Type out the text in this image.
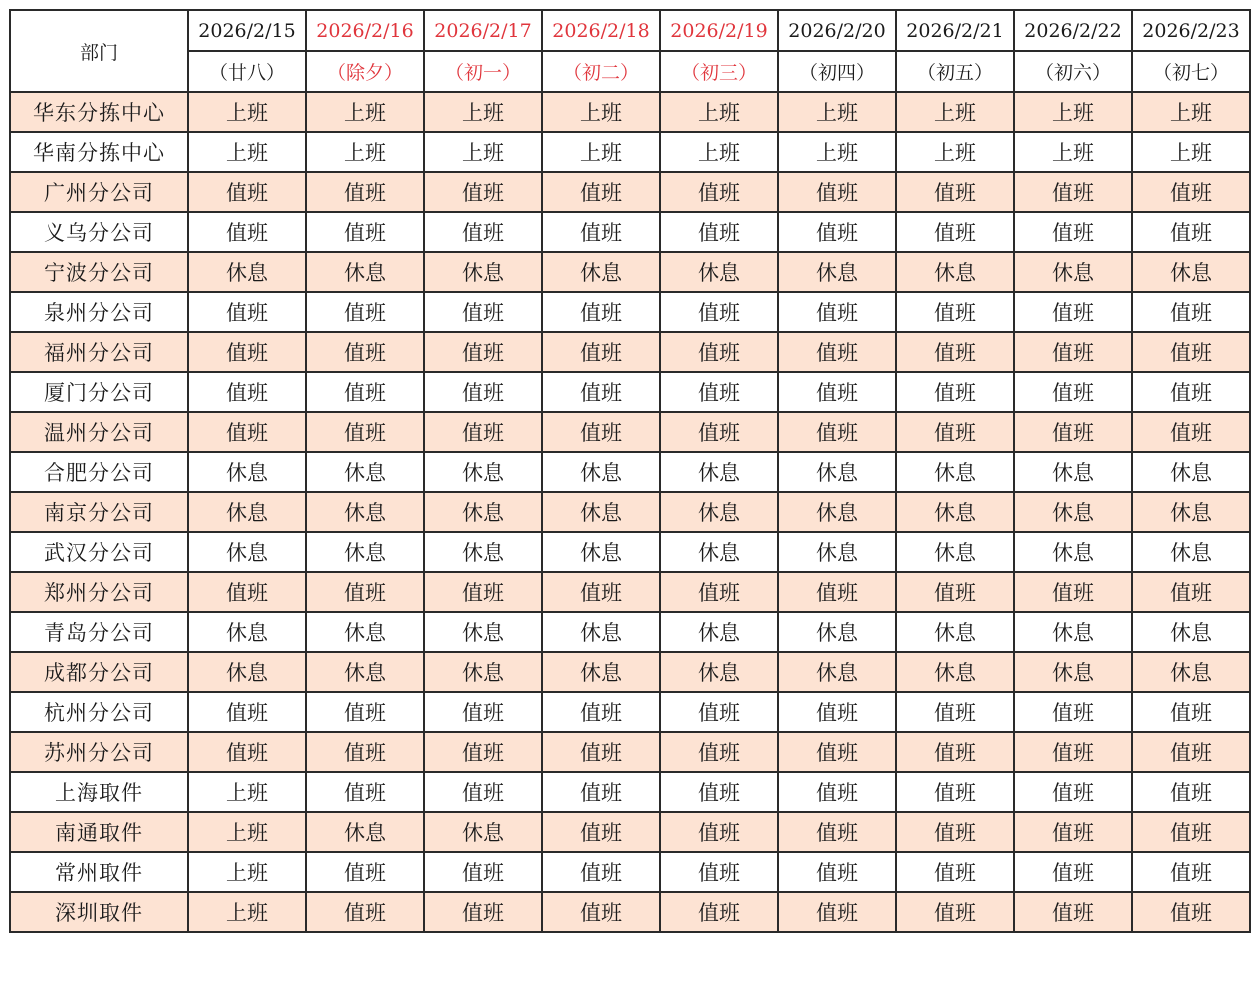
部门	2026/2/15	2026/2/16	2026/2/17	2026/2/18	2026/2/19	2026/2/20	2026/2/21	2026/2/22	2026/2/23
	（廿八）	（除夕）	（初一）	（初二）	（初三）	（初四）	（初五）	（初六）	（初七）
华东分拣中心	上班	上班	上班	上班	上班	上班	上班	上班	上班
华南分拣中心	上班	上班	上班	上班	上班	上班	上班	上班	上班
广州分公司	值班	值班	值班	值班	值班	值班	值班	值班	值班
义乌分公司	值班	值班	值班	值班	值班	值班	值班	值班	值班
宁波分公司	休息	休息	休息	休息	休息	休息	休息	休息	休息
泉州分公司	值班	值班	值班	值班	值班	值班	值班	值班	值班
福州分公司	值班	值班	值班	值班	值班	值班	值班	值班	值班
厦门分公司	值班	值班	值班	值班	值班	值班	值班	值班	值班
温州分公司	值班	值班	值班	值班	值班	值班	值班	值班	值班
合肥分公司	休息	休息	休息	休息	休息	休息	休息	休息	休息
南京分公司	休息	休息	休息	休息	休息	休息	休息	休息	休息
武汉分公司	休息	休息	休息	休息	休息	休息	休息	休息	休息
郑州分公司	值班	值班	值班	值班	值班	值班	值班	值班	值班
青岛分公司	休息	休息	休息	休息	休息	休息	休息	休息	休息
成都分公司	休息	休息	休息	休息	休息	休息	休息	休息	休息
杭州分公司	值班	值班	值班	值班	值班	值班	值班	值班	值班
苏州分公司	值班	值班	值班	值班	值班	值班	值班	值班	值班
上海取件	上班	值班	值班	值班	值班	值班	值班	值班	值班
南通取件	上班	休息	休息	值班	值班	值班	值班	值班	值班
常州取件	上班	值班	值班	值班	值班	值班	值班	值班	值班
深圳取件	上班	值班	值班	值班	值班	值班	值班	值班	值班
